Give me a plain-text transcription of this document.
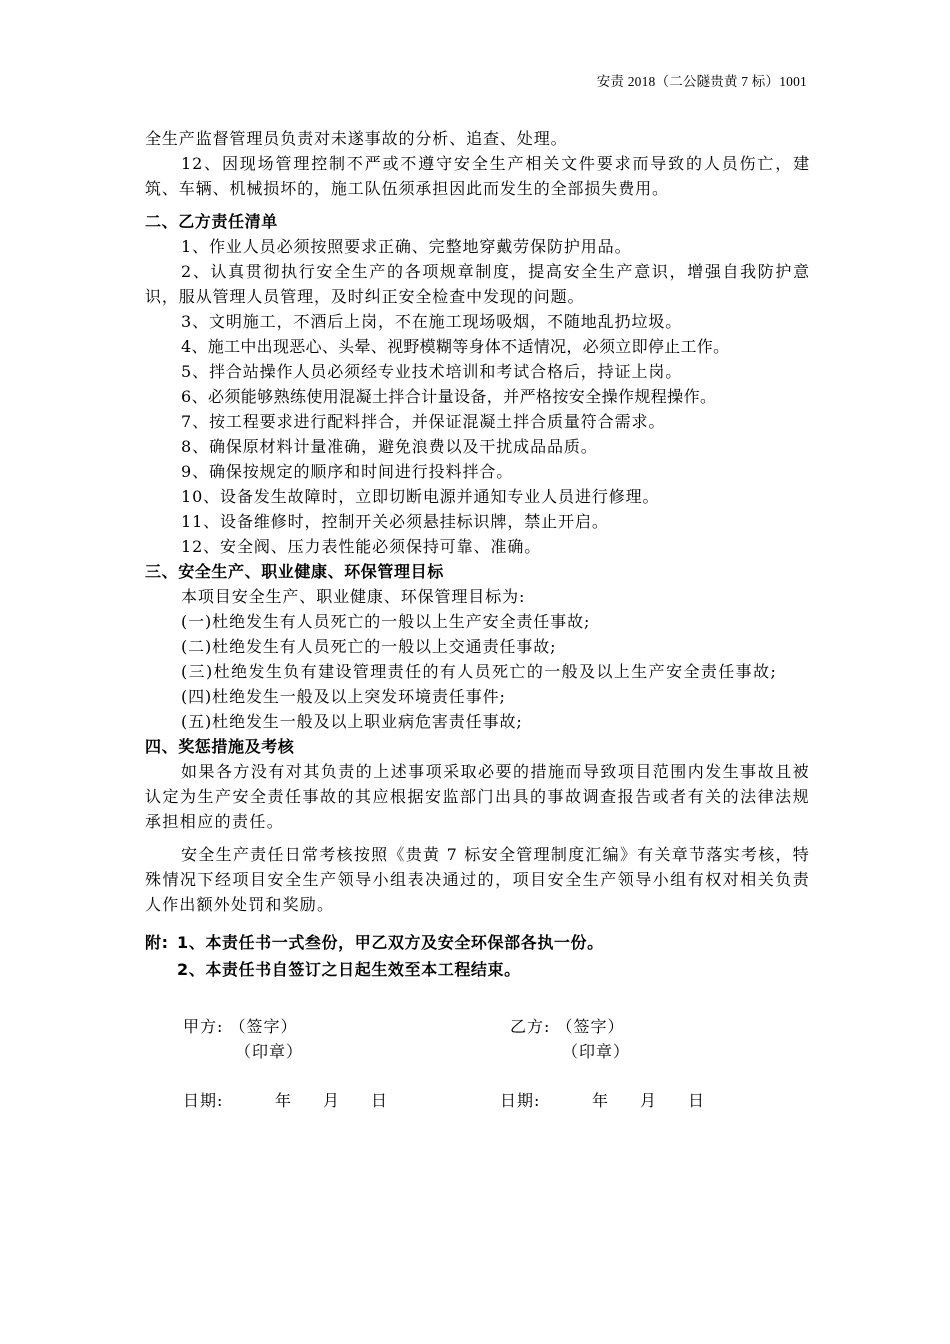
安责 2018（二公隧贵黄 7 标）1001
全生产监督管理员负责对未遂事故的分析、追查、处理。
12、因现场管理控制不严或不遵守安全生产相关文件要求而导致的人员伤亡，建筑、车辆、机械损坏的，施工队伍须承担因此而发生的全部损失费用。
二、乙方责任清单
1、作业人员必须按照要求正确、完整地穿戴劳保防护用品。
2、认真贯彻执行安全生产的各项规章制度，提高安全生产意识，增强自我防护意识，服从管理人员管理，及时纠正安全检查中发现的问题。
3、文明施工，不酒后上岗，不在施工现场吸烟，不随地乱扔垃圾。
4、施工中出现恶心、头晕、视野模糊等身体不适情况，必须立即停止工作。
5、拌合站操作人员必须经专业技术培训和考试合格后，持证上岗。
6、必须能够熟练使用混凝土拌合计量设备，并严格按安全操作规程操作。
7、按工程要求进行配料拌合，并保证混凝土拌合质量符合需求。
8、确保原材料计量准确，避免浪费以及干扰成品品质。
9、确保按规定的顺序和时间进行投料拌合。
10、设备发生故障时，立即切断电源并通知专业人员进行修理。
11、设备维修时，控制开关必须悬挂标识牌，禁止开启。
12、安全阀、压力表性能必须保持可靠、准确。
三、安全生产、职业健康、环保管理目标
本项目安全生产、职业健康、环保管理目标为:
(一)杜绝发生有人员死亡的一般以上生产安全责任事故;
(二)杜绝发生有人员死亡的一般以上交通责任事故;
(三)杜绝发生负有建设管理责任的有人员死亡的一般及以上生产安全责任事故;
(四)杜绝发生一般及以上突发环境责任事件;
(五)杜绝发生一般及以上职业病危害责任事故;
四、奖惩措施及考核
如果各方没有对其负责的上述事项采取必要的措施而导致项目范围内发生事故且被认定为生产安全责任事故的其应根据安监部门出具的事故调查报告或者有关的法律法规承担相应的责任。
安全生产责任日常考核按照《贵黄 7 标安全管理制度汇编》有关章节落实考核，特殊情况下经项目安全生产领导小组表决通过的，项目安全生产领导小组有权对相关负责人作出额外处罚和奖励。
附: 1、本责任书一式叁份，甲乙双方及安全环保部各执一份。
2、本责任书自签订之日起生效至本工程结束。
甲方: （签字）
（印章）
乙方: （签字）
（印章）
日期:	年 月 日	日期:	年 月 日
